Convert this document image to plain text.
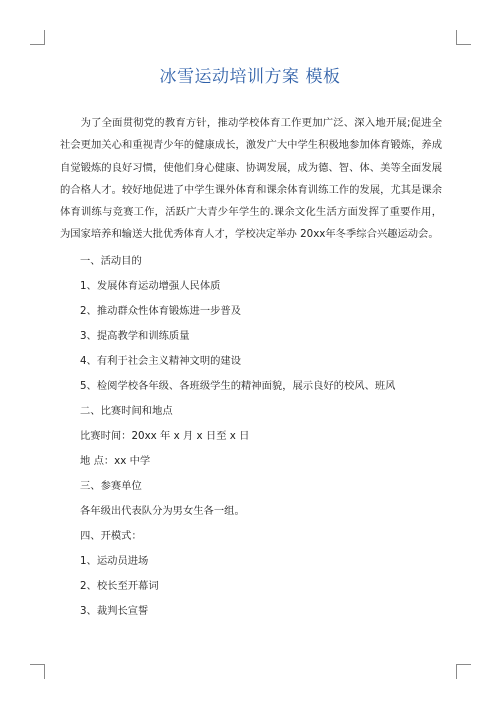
冰雪运动培训方案 模板

为了全面贯彻党的教育方针，推动学校体育工作更加广泛、深入地开展;促进全社会更加关心和重视青少年的健康成长，激发广大中学生积极地参加体育锻炼，养成自觉锻炼的良好习惯，使他们身心健康、协调发展，成为德、智、体、美等全面发展的合格人才。较好地促进了中学生课外体育和课余体育训练工作的发展，尤其是课余体育训练与竞赛工作，活跃广大青少年学生的.课余文化生活方面发挥了重要作用，为国家培养和输送大批优秀体育人才，学校决定举办 20xx年冬季综合兴趣运动会。

一、活动目的

1、发展体育运动增强人民体质

2、推动群众性体育锻炼进一步普及

3、提高教学和训练质量

4、有利于社会主义精神文明的建设

5、检阅学校各年级、各班级学生的精神面貌，展示良好的校风、班风

二、比赛时间和地点

比赛时间：20xx 年 x 月 x 日至 x 日

地 点：xx 中学

三、参赛单位

各年级出代表队分为男女生各一组。

四、开模式：

1、运动员进场

2、校长至开幕词

3、裁判长宣誓
